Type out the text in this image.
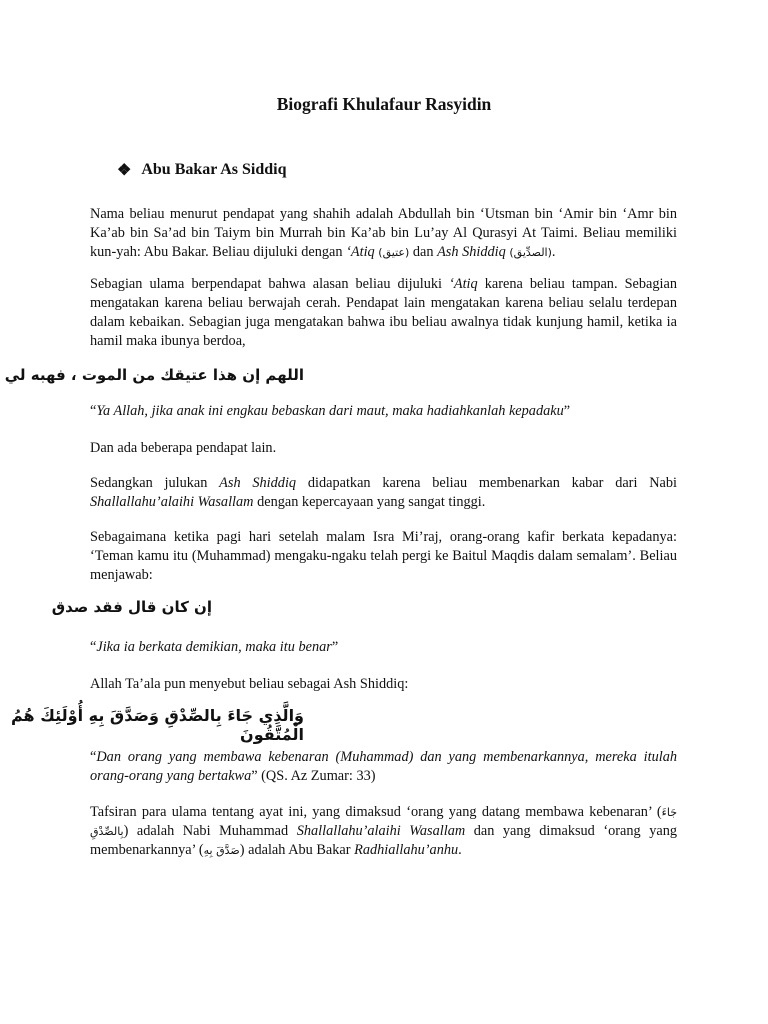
Biografi Khulafaur Rasyidin
❖ Abu Bakar As Siddiq
Nama beliau menurut pendapat yang shahih adalah Abdullah bin ‘Utsman bin ‘Amir bin ‘Amr bin Ka’ab bin Sa’ad bin Taiym bin Murrah bin Ka’ab bin Lu’ay Al Qurasyi At Taimi. Beliau memiliki kun-yah: Abu Bakar. Beliau dijuluki dengan ‘Atiq (عتيق) dan Ash Shiddiq (الصدِّيق).
Sebagian ulama berpendapat bahwa alasan beliau dijuluki ‘Atiq karena beliau tampan. Sebagian mengatakan karena beliau berwajah cerah. Pendapat lain mengatakan karena beliau selalu terdepan dalam kebaikan. Sebagian juga mengatakan bahwa ibu beliau awalnya tidak kunjung hamil, ketika ia hamil maka ibunya berdoa,
اللهم إن هذا عتيقك من الموت ، فهبه لي
“Ya Allah, jika anak ini engkau bebaskan dari maut, maka hadiahkanlah kepadaku”
Dan ada beberapa pendapat lain.
Sedangkan julukan Ash Shiddiq didapatkan karena beliau membenarkan kabar dari Nabi Shallallahu’alaihi Wasallam dengan kepercayaan yang sangat tinggi.
Sebagaimana ketika pagi hari setelah malam Isra Mi’raj, orang-orang kafir berkata kepadanya: ‘Teman kamu itu (Muhammad) mengaku-ngaku telah pergi ke Baitul Maqdis dalam semalam’. Beliau menjawab:
إن كان قال فقد صدق
“Jika ia berkata demikian, maka itu benar”
Allah Ta’ala pun menyebut beliau sebagai Ash Shiddiq:
وَالَّذِي جَاءَ بِالصِّدْقِ وَصَدَّقَ بِهِ أُوْلَئِكَ هُمُ الْمُتَّقُونَ
“Dan orang yang membawa kebenaran (Muhammad) dan yang membenarkannya, mereka itulah orang-orang yang bertakwa” (QS. Az Zumar: 33)
Tafsiran para ulama tentang ayat ini, yang dimaksud ‘orang yang datang membawa kebenaran’ (جَاءَ بِالصِّدْقِ) adalah Nabi Muhammad Shallallahu’alaihi Wasallam dan yang dimaksud ‘orang yang membenarkannya’ (صَدَّقَ بِهِ) adalah Abu Bakar Radhiallahu’anhu.
